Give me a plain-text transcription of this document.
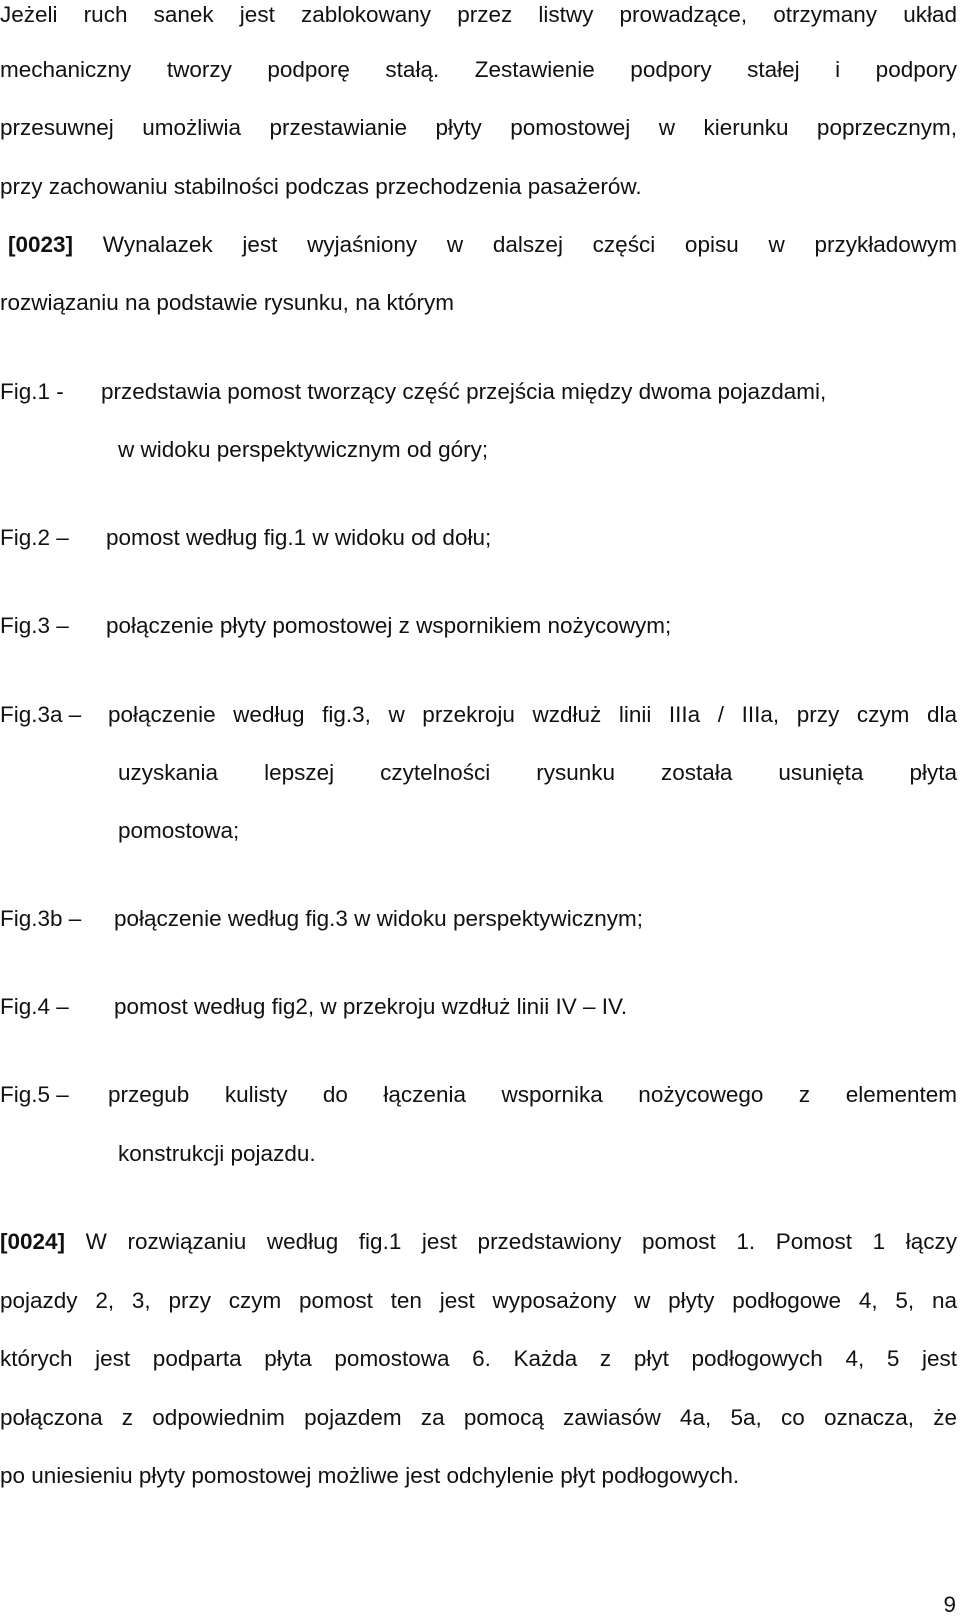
Jeżeli ruch sanek jest zablokowany przez listwy prowadzące, otrzymany układ
mechaniczny tworzy podporę stałą. Zestawienie podpory stałej i podpory
przesuwnej umożliwia przestawianie płyty pomostowej w kierunku poprzecznym,
przy zachowaniu stabilności podczas przechodzenia pasażerów.
[0023] Wynalazek jest wyjaśniony w dalszej części opisu w przykładowym
rozwiązaniu na podstawie rysunku, na którym
Fig.1 - przedstawia pomost tworzący część przejścia między dwoma pojazdami,
w widoku perspektywicznym od góry;
Fig.2 – pomost według fig.1 w widoku od dołu;
Fig.3 – połączenie płyty pomostowej z wspornikiem nożycowym;
Fig.3a – połączenie według fig.3, w przekroju wzdłuż linii IIIa / IIIa, przy czym dla
uzyskania lepszej czytelności rysunku została usunięta płyta
pomostowa;
Fig.3b – połączenie według fig.3 w widoku perspektywicznym;
Fig.4 – pomost według fig2, w przekroju wzdłuż linii IV – IV.
Fig.5 – przegub kulisty do łączenia wspornika nożycowego z elementem
konstrukcji pojazdu.
[0024] W rozwiązaniu według fig.1 jest przedstawiony pomost 1. Pomost 1 łączy
pojazdy 2, 3, przy czym pomost ten jest wyposażony w płyty podłogowe 4, 5, na
których jest podparta płyta pomostowa 6. Każda z płyt podłogowych 4, 5 jest
połączona z odpowiednim pojazdem za pomocą zawiasów 4a, 5a, co oznacza, że
po uniesieniu płyty pomostowej możliwe jest odchylenie płyt podłogowych.
9
